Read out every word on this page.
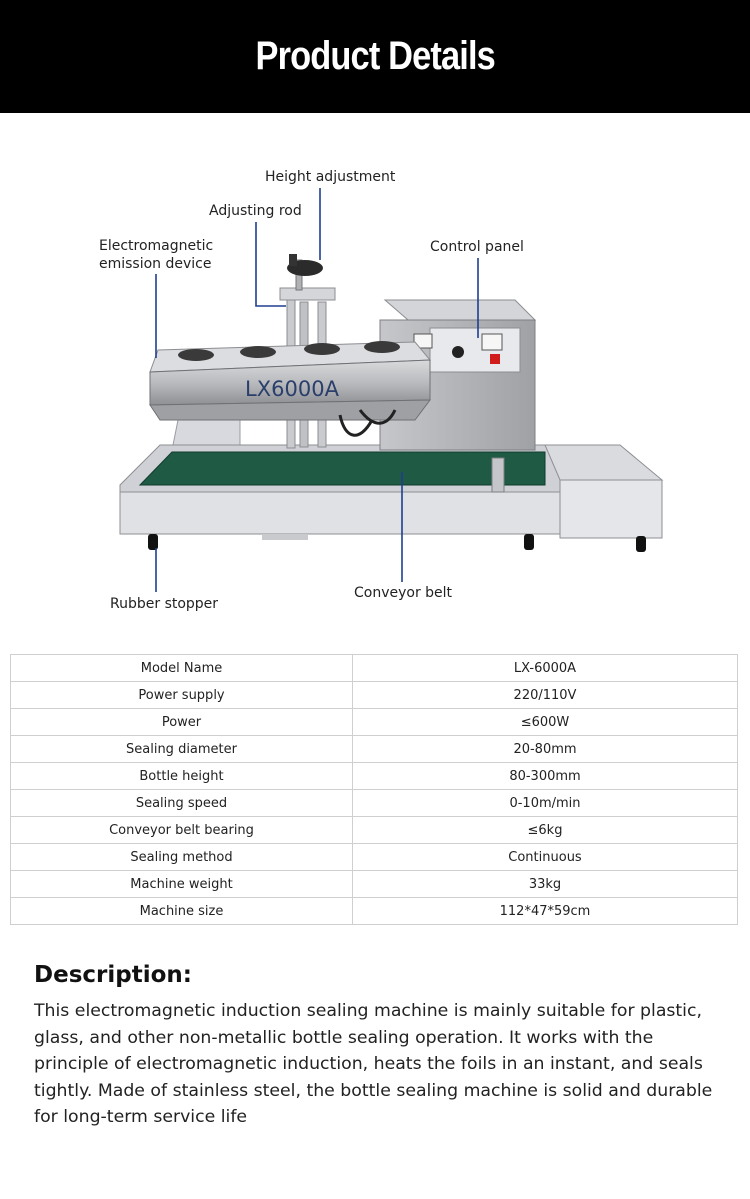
Product Details
LX6000A
Height adjustment
Adjusting rod
Electromagnetic
emission device
Control panel
Conveyor belt
Rubber stopper
Model Name	LX-6000A
Power supply	220/110V
Power	≤600W
Sealing diameter	20-80mm
Bottle height	80-300mm
Sealing speed	0-10m/min
Conveyor belt bearing	≤6kg
Sealing method	Continuous
Machine weight	33kg
Machine size	112*47*59cm
Description:

This electromagnetic induction sealing machine is mainly suitable for plastic, glass, and other non-metallic bottle sealing operation. It works with the principle of electromagnetic induction, heats the foils in an instant, and seals tightly. Made of stainless steel, the bottle sealing machine is solid and durable for long-term service life
